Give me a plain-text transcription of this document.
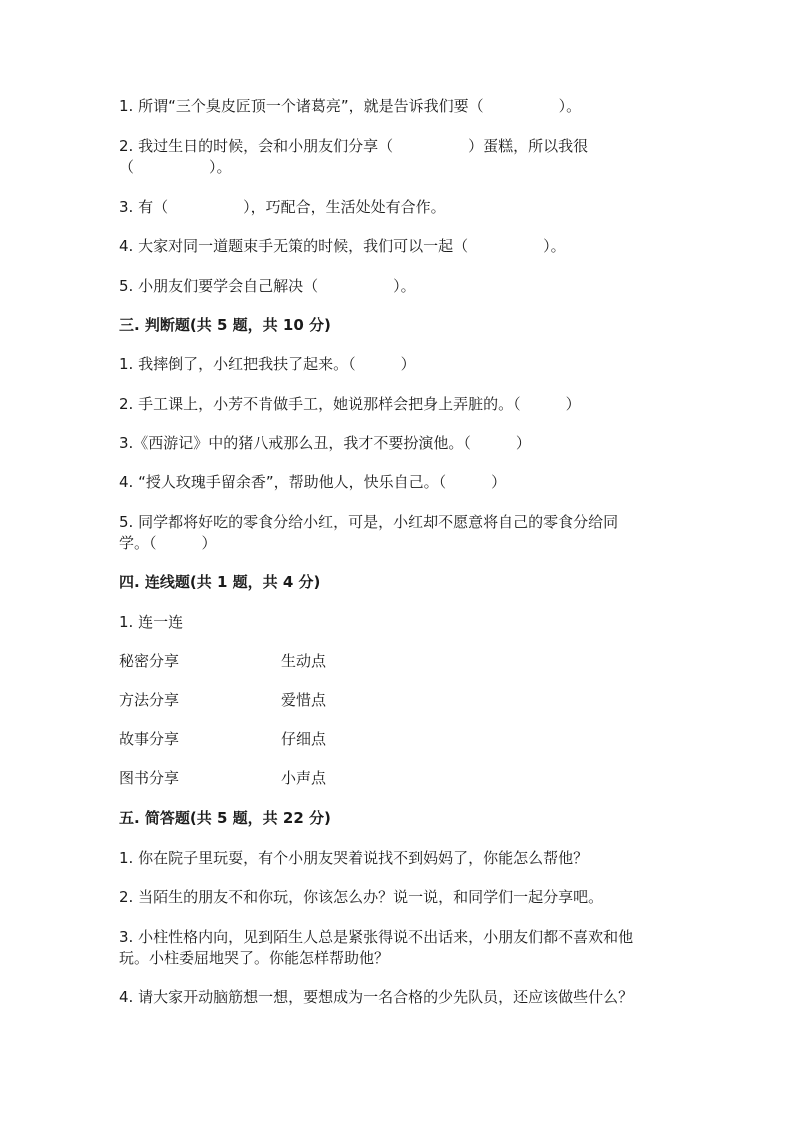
1. 所谓“三个臭皮匠顶一个诸葛亮”，就是告诉我们要（　　　　　）。
2. 我过生日的时候，会和小朋友们分享（　　　　　）蛋糕，所以我很
（　　　　　）。
3. 有（　　　　　），巧配合，生活处处有合作。
4. 大家对同一道题束手无策的时候，我们可以一起（　　　　　）。
5. 小朋友们要学会自己解决（　　　　　）。
三. 判断题(共 5 题，共 10 分)
1. 我摔倒了，小红把我扶了起来。（　　　）
2. 手工课上，小芳不肯做手工，她说那样会把身上弄脏的。（　　　）
3.《西游记》中的猪八戒那么丑，我才不要扮演他。（　　　）
4. “授人玫瑰手留余香”，帮助他人，快乐自己。（　　　）
5. 同学都将好吃的零食分给小红，可是，小红却不愿意将自己的零食分给同
学。（　　　）
四. 连线题(共 1 题，共 4 分)
1. 连一连
秘密分享	生动点
方法分享	爱惜点
故事分享	仔细点
图书分享	小声点
五. 简答题(共 5 题，共 22 分)
1. 你在院子里玩耍，有个小朋友哭着说找不到妈妈了，你能怎么帮他？
2. 当陌生的朋友不和你玩，你该怎么办？说一说，和同学们一起分享吧。
3. 小柱性格内向，见到陌生人总是紧张得说不出话来，小朋友们都不喜欢和他
玩。小柱委屈地哭了。你能怎样帮助他？
4. 请大家开动脑筋想一想，要想成为一名合格的少先队员，还应该做些什么？
